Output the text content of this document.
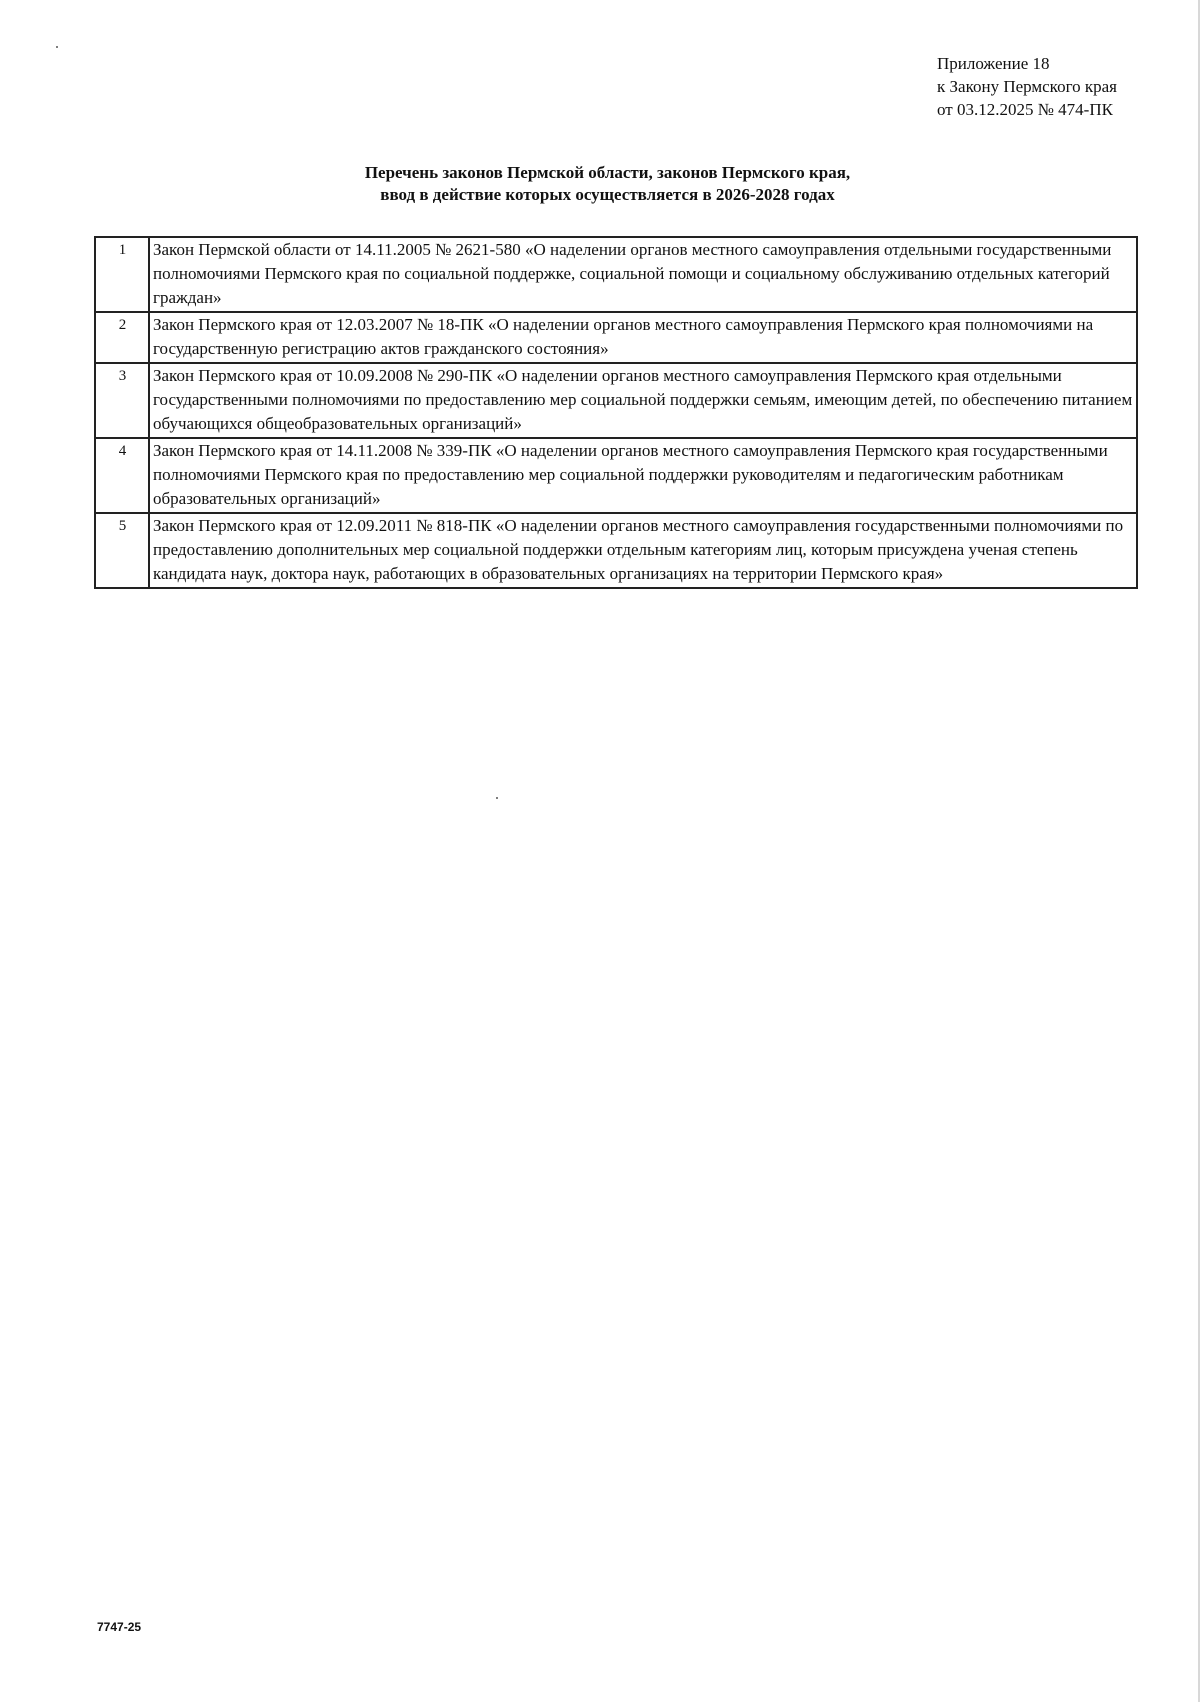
Приложение 18
к Закону Пермского края
от 03.12.2025 № 474-ПК
Перечень законов Пермской области, законов Пермского края,
ввод в действие которых осуществляется в 2026-2028 годах
1	Закон Пермской области от 14.11.2005 № 2621-580 «О наделении органов местного самоуправления отдельными государственными полномочиями Пермского края по социальной поддержке, социальной помощи и социальному обслуживанию отдельных категорий граждан»
2	Закон Пермского края от 12.03.2007 № 18-ПК «О наделении органов местного самоуправления Пермского края полномочиями на государственную регистрацию актов гражданского состояния»
3	Закон Пермского края от 10.09.2008 № 290-ПК «О наделении органов местного самоуправления Пермского края отдельными государственными полномочиями по предоставлению мер социальной поддержки семьям, имеющим детей, по обеспечению питанием обучающихся общеобразовательных организаций»
4	Закон Пермского края от 14.11.2008 № 339-ПК «О наделении органов местного самоуправления Пермского края государственными полномочиями Пермского края по предоставлению мер социальной поддержки руководителям и педагогическим работникам образовательных организаций»
5	Закон Пермского края от 12.09.2011 № 818-ПК «О наделении органов местного самоуправления государственными полномочиями по предоставлению дополнительных мер социальной поддержки отдельным категориям лиц, которым присуждена ученая степень кандидата наук, доктора наук, работающих в образовательных организациях на территории Пермского края»
7747-25
